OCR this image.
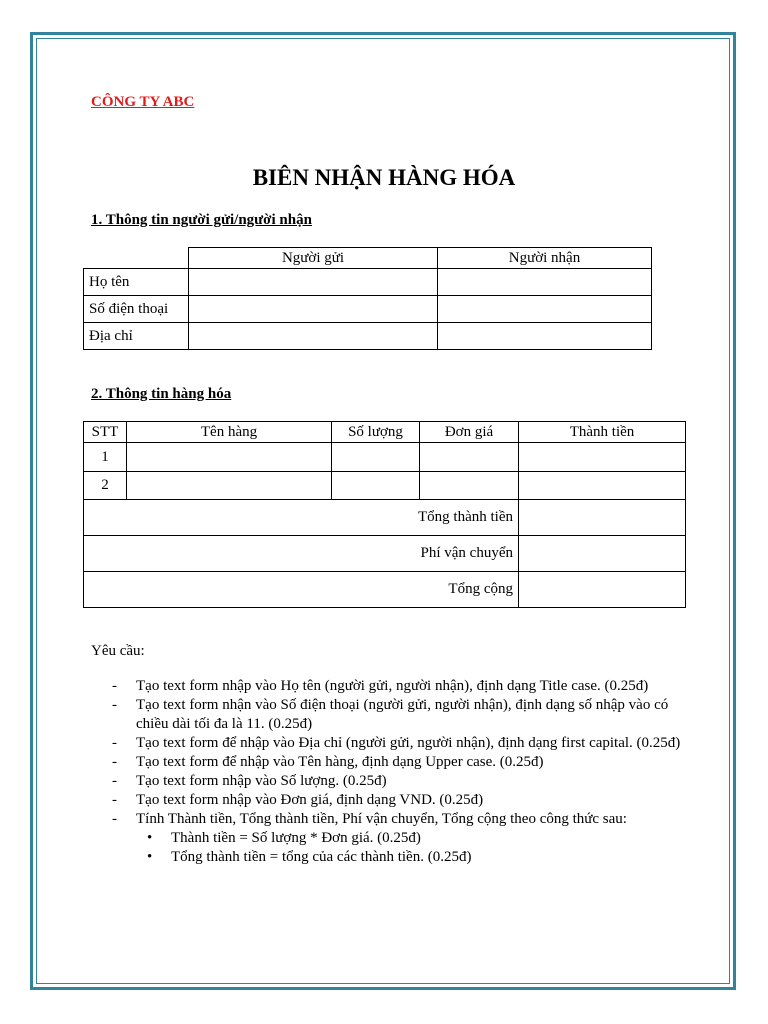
CÔNG TY ABC
BIÊN NHẬN HÀNG HÓA
1. Thông tin người gửi/người nhận
	Người gửi	Người nhận
Họ tên		
Số điện thoại		
Địa chỉ		
2. Thông tin hàng hóa
STT	Tên hàng	Số lượng	Đơn giá	Thành tiền
1				
2				
Tổng thành tiền				
Phí vận chuyển				
Tổng cộng				
Yêu cầu:
- Tạo text form nhập vào Họ tên (người gửi, người nhận), định dạng Title case. (0.25đ)
- Tạo text form nhận vào Số điện thoại (người gửi, người nhận), định dạng số nhập vào có chiều dài tối đa là 11. (0.25đ)
- Tạo text form để nhập vào Địa chỉ (người gửi, người nhận), định dạng first capital. (0.25đ)
- Tạo text form để nhập vào Tên hàng, định dạng Upper case. (0.25đ)
- Tạo text form nhập vào Số lượng. (0.25đ)
- Tạo text form nhập vào Đơn giá, định dạng VND. (0.25đ)
- Tính Thành tiền, Tổng thành tiền, Phí vận chuyển, Tổng cộng theo công thức sau:
• Thành tiền = Số lượng * Đơn giá. (0.25đ)
• Tổng thành tiền = tổng của các thành tiền. (0.25đ)
